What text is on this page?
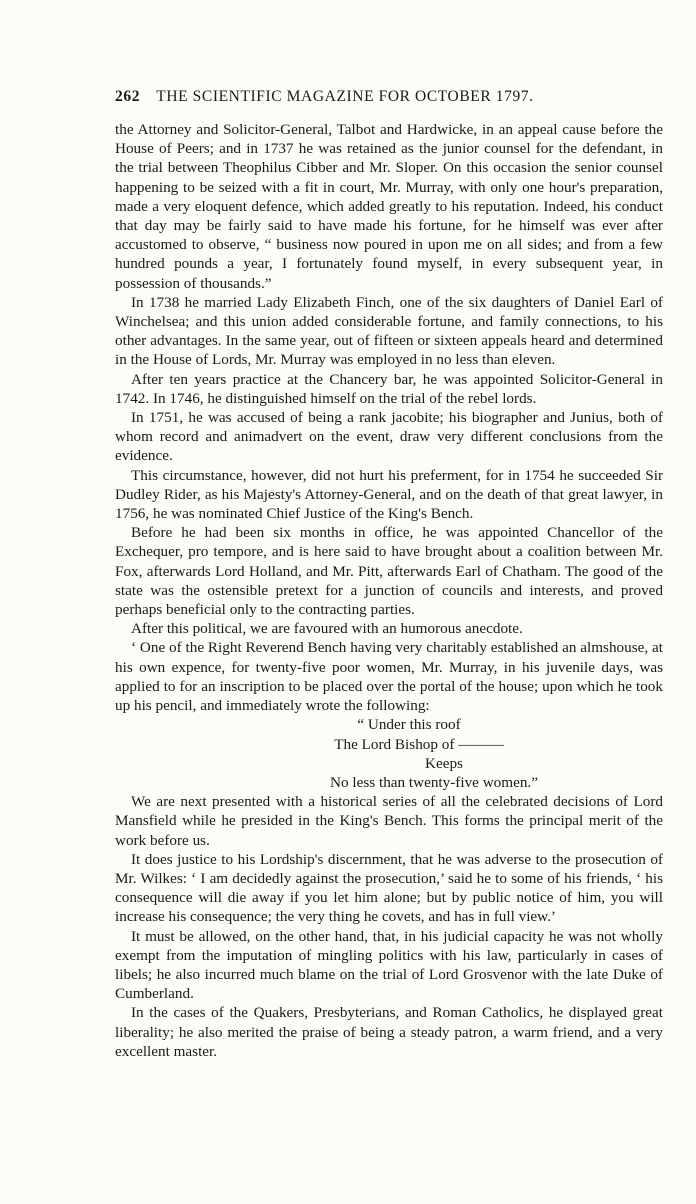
262 THE SCIENTIFIC MAGAZINE FOR OCTOBER 1797.

the Attorney and Solicitor-General, Talbot and Hardwicke, in an appeal cause before the House of Peers; and in 1737 he was retained as the junior counsel for the defendant, in the trial between Theophilus Cibber and Mr. Sloper. On this occasion the senior counsel happening to be seized with a fit in court, Mr. Murray, with only one hour's preparation, made a very eloquent defence, which added greatly to his reputation. Indeed, his conduct that day may be fairly said to have made his fortune, for he himself was ever after accustomed to observe, “ business now poured in upon me on all sides; and from a few hundred pounds a year, I fortunately found myself, in every subsequent year, in possession of thousands.”

In 1738 he married Lady Elizabeth Finch, one of the six daughters of Daniel Earl of Winchelsea; and this union added considerable fortune, and family connections, to his other advantages. In the same year, out of fifteen or sixteen appeals heard and determined in the House of Lords, Mr. Murray was employed in no less than eleven.

After ten years practice at the Chancery bar, he was appointed Solicitor-General in 1742. In 1746, he distinguished himself on the trial of the rebel lords.

In 1751, he was accused of being a rank jacobite; his biographer and Junius, both of whom record and animadvert on the event, draw very different conclusions from the evidence.

This circumstance, however, did not hurt his preferment, for in 1754 he succeeded Sir Dudley Rider, as his Majesty's Attorney-General, and on the death of that great lawyer, in 1756, he was nominated Chief Justice of the King's Bench.

Before he had been six months in office, he was appointed Chancellor of the Exchequer, pro tempore, and is here said to have brought about a coalition between Mr. Fox, afterwards Lord Holland, and Mr. Pitt, afterwards Earl of Chatham. The good of the state was the ostensible pretext for a junction of councils and interests, and proved perhaps beneficial only to the contracting parties.

After this political, we are favoured with an humorous anecdote.

‘ One of the Right Reverend Bench having very charitably established an almshouse, at his own expence, for twenty-five poor women, Mr. Murray, in his juvenile days, was applied to for an inscription to be placed over the portal of the house; upon which he took up his pencil, and immediately wrote the following:

“ Under this roof
The Lord Bishop of ———
Keeps
No less than twenty-five women.”

We are next presented with a historical series of all the celebrated decisions of Lord Mansfield while he presided in the King's Bench. This forms the principal merit of the work before us.

It does justice to his Lordship's discernment, that he was adverse to the prosecution of Mr. Wilkes: ‘ I am decidedly against the prosecution,’ said he to some of his friends, ‘ his consequence will die away if you let him alone; but by public notice of him, you will increase his consequence; the very thing he covets, and has in full view.’

It must be allowed, on the other hand, that, in his judicial capacity he was not wholly exempt from the imputation of mingling politics with his law, particularly in cases of libels; he also incurred much blame on the trial of Lord Grosvenor with the late Duke of Cumberland.

In the cases of the Quakers, Presbyterians, and Roman Catholics, he displayed great liberality; he also merited the praise of being a steady patron, a warm friend, and a very excellent master.
